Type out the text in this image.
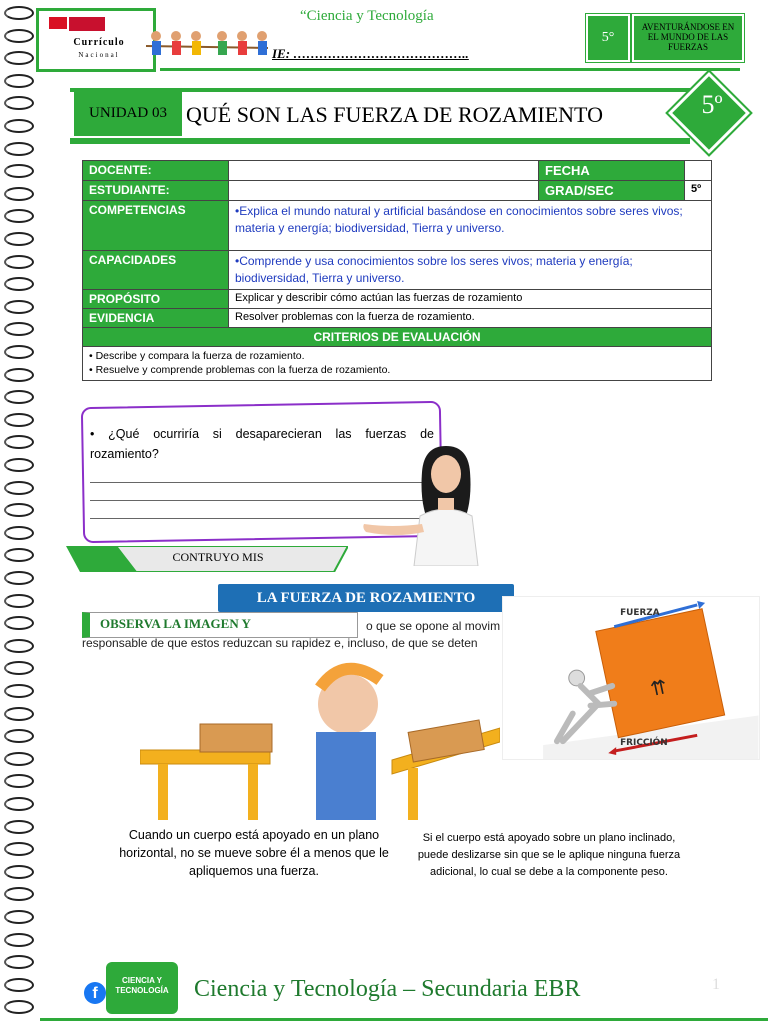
Currículo
Nacional
“Ciencia y Tecnología
IE: …………………………………..
5°
AVENTURÁNDOSE EN EL MUNDO DE LAS FUERZAS
UNIDAD 03 QUÉ SON LAS FUERZA DE ROZAMIENTO	5º
DOCENTE:		FECHA	
ESTUDIANTE:		GRAD/SEC	5º
COMPETENCIAS	•Explica el mundo natural y artificial basándose en conocimientos sobre seres vivos; materia y energía; biodiversidad, Tierra y universo.		
CAPACIDADES	•Comprende y usa conocimientos sobre los seres vivos; materia y energía; biodiversidad, Tierra y universo.		
PROPÓSITO	Explicar y describir cómo actúan las fuerzas de rozamiento		
EVIDENCIA	Resolver problemas con la fuerza de rozamiento.		
CRITERIOS DE EVALUACIÓN			

• Describe y compara la fuerza de rozamiento.
• Resuelve y comprende problemas con la fuerza de rozamiento.			
• ¿Qué ocurriría si desaparecieran las fuerzas de rozamiento?
CONTRUYO MIS
LA FUERZA DE ROZAMIENTO
OBSERVA LA IMAGEN Y	o que se opone al movim
responsable de que estos reduzcan su rapidez e, incluso, de que se deten
⇈
FUERZA
FRICCIÓN
Cuando un cuerpo está apoyado en un plano horizontal, no se mueve sobre él a menos que le apliquemos una fuerza.
Si el cuerpo está apoyado sobre un plano inclinado, puede deslizarse sin que se le aplique ninguna fuerza adicional, lo cual se debe a la componente peso.
f
CIENCIA Y TECNOLOGÍA	Ciencia y Tecnología – Secundaria EBR	1
